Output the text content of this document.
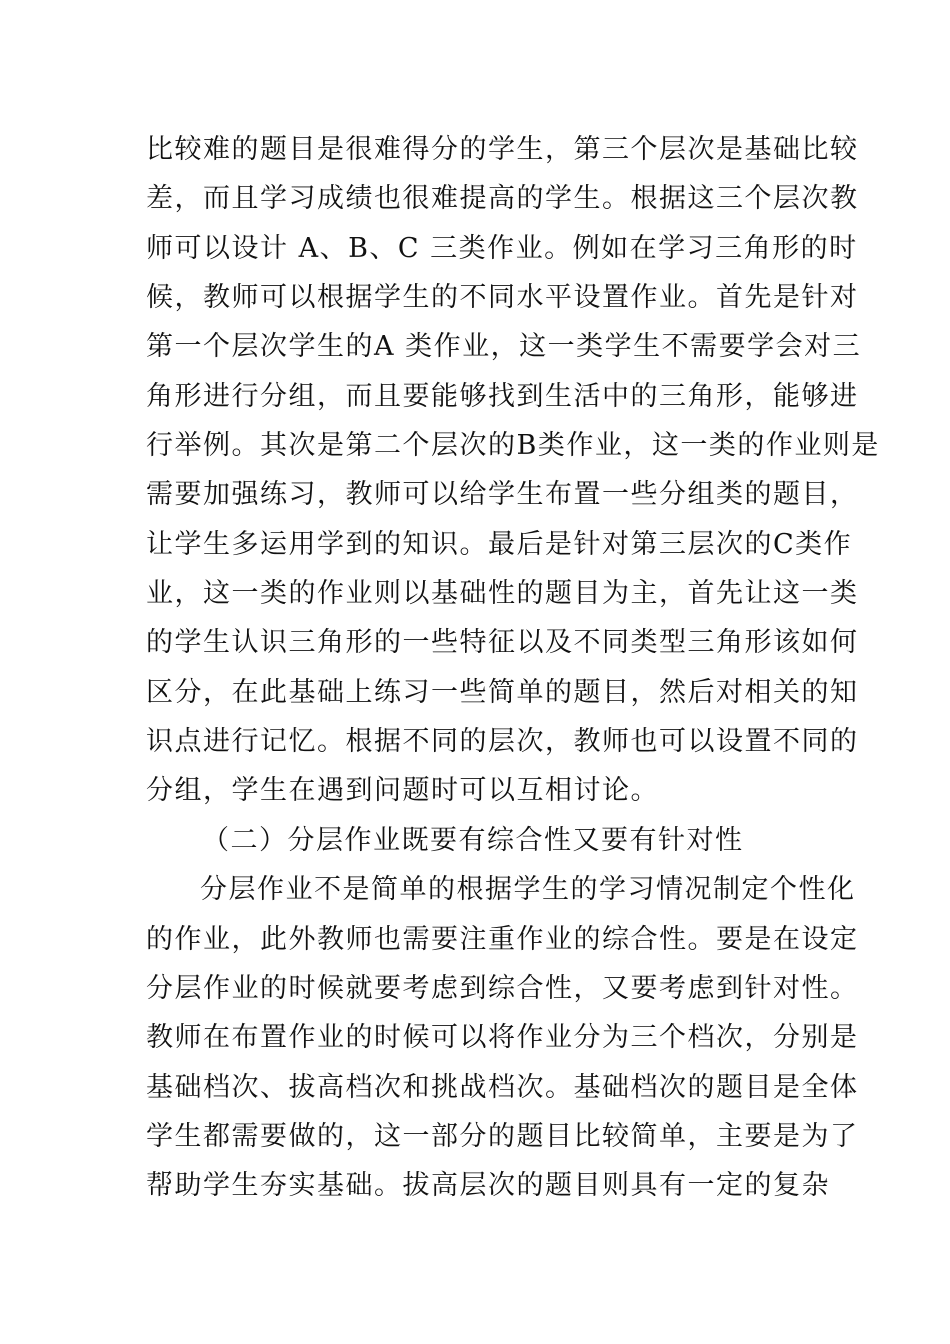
比较难的题目是很难得分的学生，第三个层次是基础比较
差，而且学习成绩也很难提高的学生。根据这三个层次教
师可以设计 A、B、C 三类作业。例如在学习三角形的时
候，教师可以根据学生的不同水平设置作业。首先是针对
第一个层次学生的A 类作业，这一类学生不需要学会对三
角形进行分组，而且要能够找到生活中的三角形，能够进
行举例。其次是第二个层次的B类作业，这一类的作业则是
需要加强练习，教师可以给学生布置一些分组类的题目，
让学生多运用学到的知识。最后是针对第三层次的C类作
业，这一类的作业则以基础性的题目为主，首先让这一类
的学生认识三角形的一些特征以及不同类型三角形该如何
区分，在此基础上练习一些简单的题目，然后对相关的知
识点进行记忆。根据不同的层次，教师也可以设置不同的
分组，学生在遇到问题时可以互相讨论。
（二）分层作业既要有综合性又要有针对性
分层作业不是简单的根据学生的学习情况制定个性化
的作业，此外教师也需要注重作业的综合性。要是在设定
分层作业的时候就要考虑到综合性，又要考虑到针对性。
教师在布置作业的时候可以将作业分为三个档次，分别是
基础档次、拔高档次和挑战档次。基础档次的题目是全体
学生都需要做的，这一部分的题目比较简单，主要是为了
帮助学生夯实基础。拔高层次的题目则具有一定的复杂
